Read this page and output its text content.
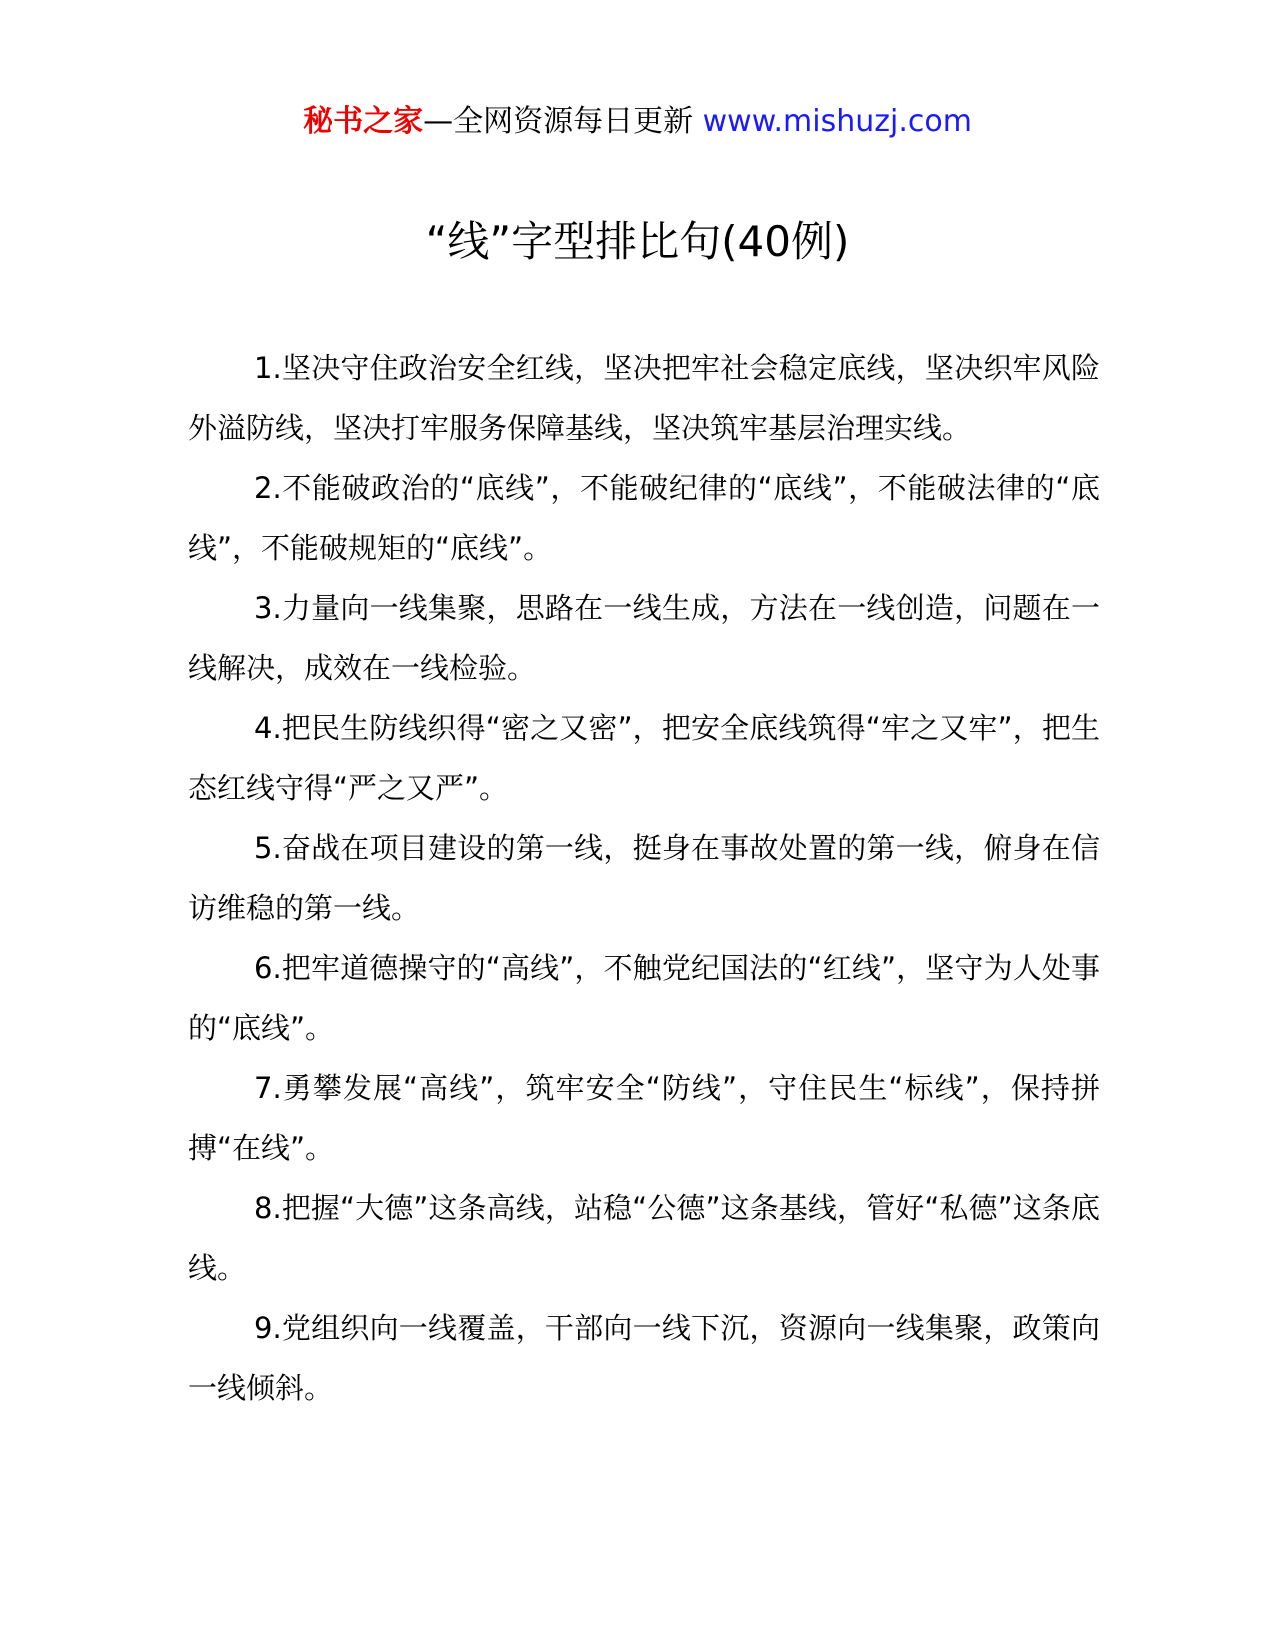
秘书之家—全网资源每日更新 www.mishuzj.com
“线”字型排比句(40例)

1.坚决守住政治安全红线，坚决把牢社会稳定底线，坚决织牢风险外溢防线，坚决打牢服务保障基线，坚决筑牢基层治理实线。

2.不能破政治的“底线”，不能破纪律的“底线”，不能破法律的“底线”，不能破规矩的“底线”。

3.力量向一线集聚，思路在一线生成，方法在一线创造，问题在一线解决，成效在一线检验。

4.把民生防线织得“密之又密”，把安全底线筑得“牢之又牢”，把生态红线守得“严之又严”。

5.奋战在项目建设的第一线，挺身在事故处置的第一线，俯身在信访维稳的第一线。

6.把牢道德操守的“高线”，不触党纪国法的“红线”，坚守为人处事的“底线”。

7.勇攀发展“高线”，筑牢安全“防线”，守住民生“标线”，保持拼搏“在线”。

8.把握“大德”这条高线，站稳“公德”这条基线，管好“私德”这条底线。

9.党组织向一线覆盖，干部向一线下沉，资源向一线集聚，政策向一线倾斜。
